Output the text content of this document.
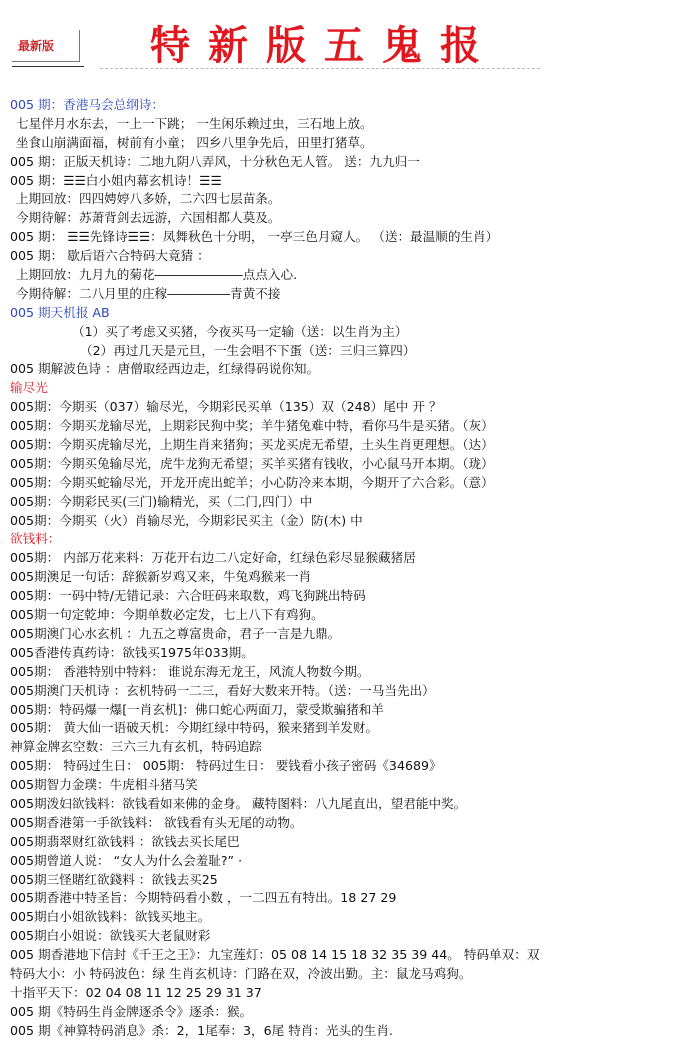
最新版	特新版五鬼报
005 期：香港马会总纲诗：
七星伴月水东去，一上一下跳； 一生闲乐赖过虫，三石地上放。
坐食山崩满面福，树前有小童； 四乡八里争先后，田里打猪草。
005 期：正版天机诗：二地九阴八弄风，十分秋色无人管。 送：九九归一
005 期：☰☰白小姐内幕玄机诗！☰☰
上期回放：四四娉婷八多娇，二六四七层苗条。
今期待解：苏萧背剑去远游，六国相都人莫及。
005 期： ☰☰先锋诗☰☰：凤舞秋色十分明， 一亭三色月窥人。 （送：最温顺的生肖）
005 期： 歇后语六合特码大竟猜 ：
上期回放：九月九的菊花―――――――点点入心.
今期待解：二八月里的庄稼―――――青黄不接
005 期天机报 AB
（1）买了考虑又买猪，今夜买马一定输（送：以生肖为主）
（2）再过几天是元旦，一生会唱不下蛋（送：三归三算四）
005 期解波色诗 ：唐僧取经西边走，红绿得码说你知。
输尽光
005期：今期买（037）输尽光，今期彩民买单（135）双（248）尾中 开 ？
005期：今期买龙输尽光，上期彩民狗中奖；羊牛猪兔难中特，看你马牛是买猪。（灰）
005期：今期买虎输尽光，上期生肖来猪狗；买龙买虎无希望，土头生肖更理想。（达）
005期：今期买兔输尽光，虎牛龙狗无希望；买羊买猪有钱收，小心鼠马开本期。（珑）
005期：今期买蛇输尽光，开龙开虎出蛇羊；小心防冷来本期，今期开了六合彩。（意）
005期：今期彩民买(三门)输精光，买（二门,四门）中
005期：今期买（火）肖输尽光，今期彩民买主（金）防(木) 中
欲钱料：
005期： 内部万花来料：万花开右边二八定好命，红绿色彩尽显猴藏猪居
005期澳足一句话：辞猴新岁鸡又来，牛兔鸡猴来一肖
005期：一码中特/无错记录：六合旺码来取数，鸡飞狗跳出特码
005期一句定乾坤：今期单数必定发，七上八下有鸡狗。
005期澳门心水玄机 ：九五之尊富贵命，君子一言是九鼎。
005香港传真药诗：欲钱买1975年033期。
005期： 香港特别中特料： 谁说东海无龙王，风流人物数今期。
005期澳门天机诗 ：玄机特码一二三，看好大数来开特。（送：一马当先出）
005期：特码爆一爆[一肖玄机]：佛口蛇心两面刀，蒙受欺骗猪和羊
005期： 黄大仙一语破天机：今期红绿中特码，猴来猪到羊发财。
神算金牌玄空数：三六三九有玄机，特码追踪
005期： 特码过生日： 005期： 特码过生日： 要钱看小孩子密码《34689》
005期智力金璞：牛虎相斗猪马笑
005期泼妇欲钱料：欲钱看如来佛的金身。 藏特图料：八九尾直出，望君能中奖。
005期香港第一手欲钱料： 欲钱看有头无尾的动物。
005期翡翠财红欲钱料 ：欲钱去买长尾巴
005期曾道人说： “女人为什么会羞耻?” ·
005期三怪賭红欲錢料 ：欲钱去买25
005期香港中特圣旨：今期特码看小数 ，一二四五有特出。18 27 29
005期白小姐欲钱料：欲钱买地主。
005期白小姐说：欲钱买大老鼠财彩
005 期香港地下信封《千王之王》：九宝莲灯：05 08 14 15 18 32 35 39 44。 特码单双：双
特码大小：小 特码波色：绿 生肖玄机诗：门路在双，冷波出勤。主：鼠龙马鸡狗。
十指平天下：02 04 08 11 12 25 29 31 37
005 期《特码生肖金牌逐杀令》逐杀：猴。
005 期《神算特码消息》杀：2，1尾奉：3，6尾 特肖：光头的生肖.
